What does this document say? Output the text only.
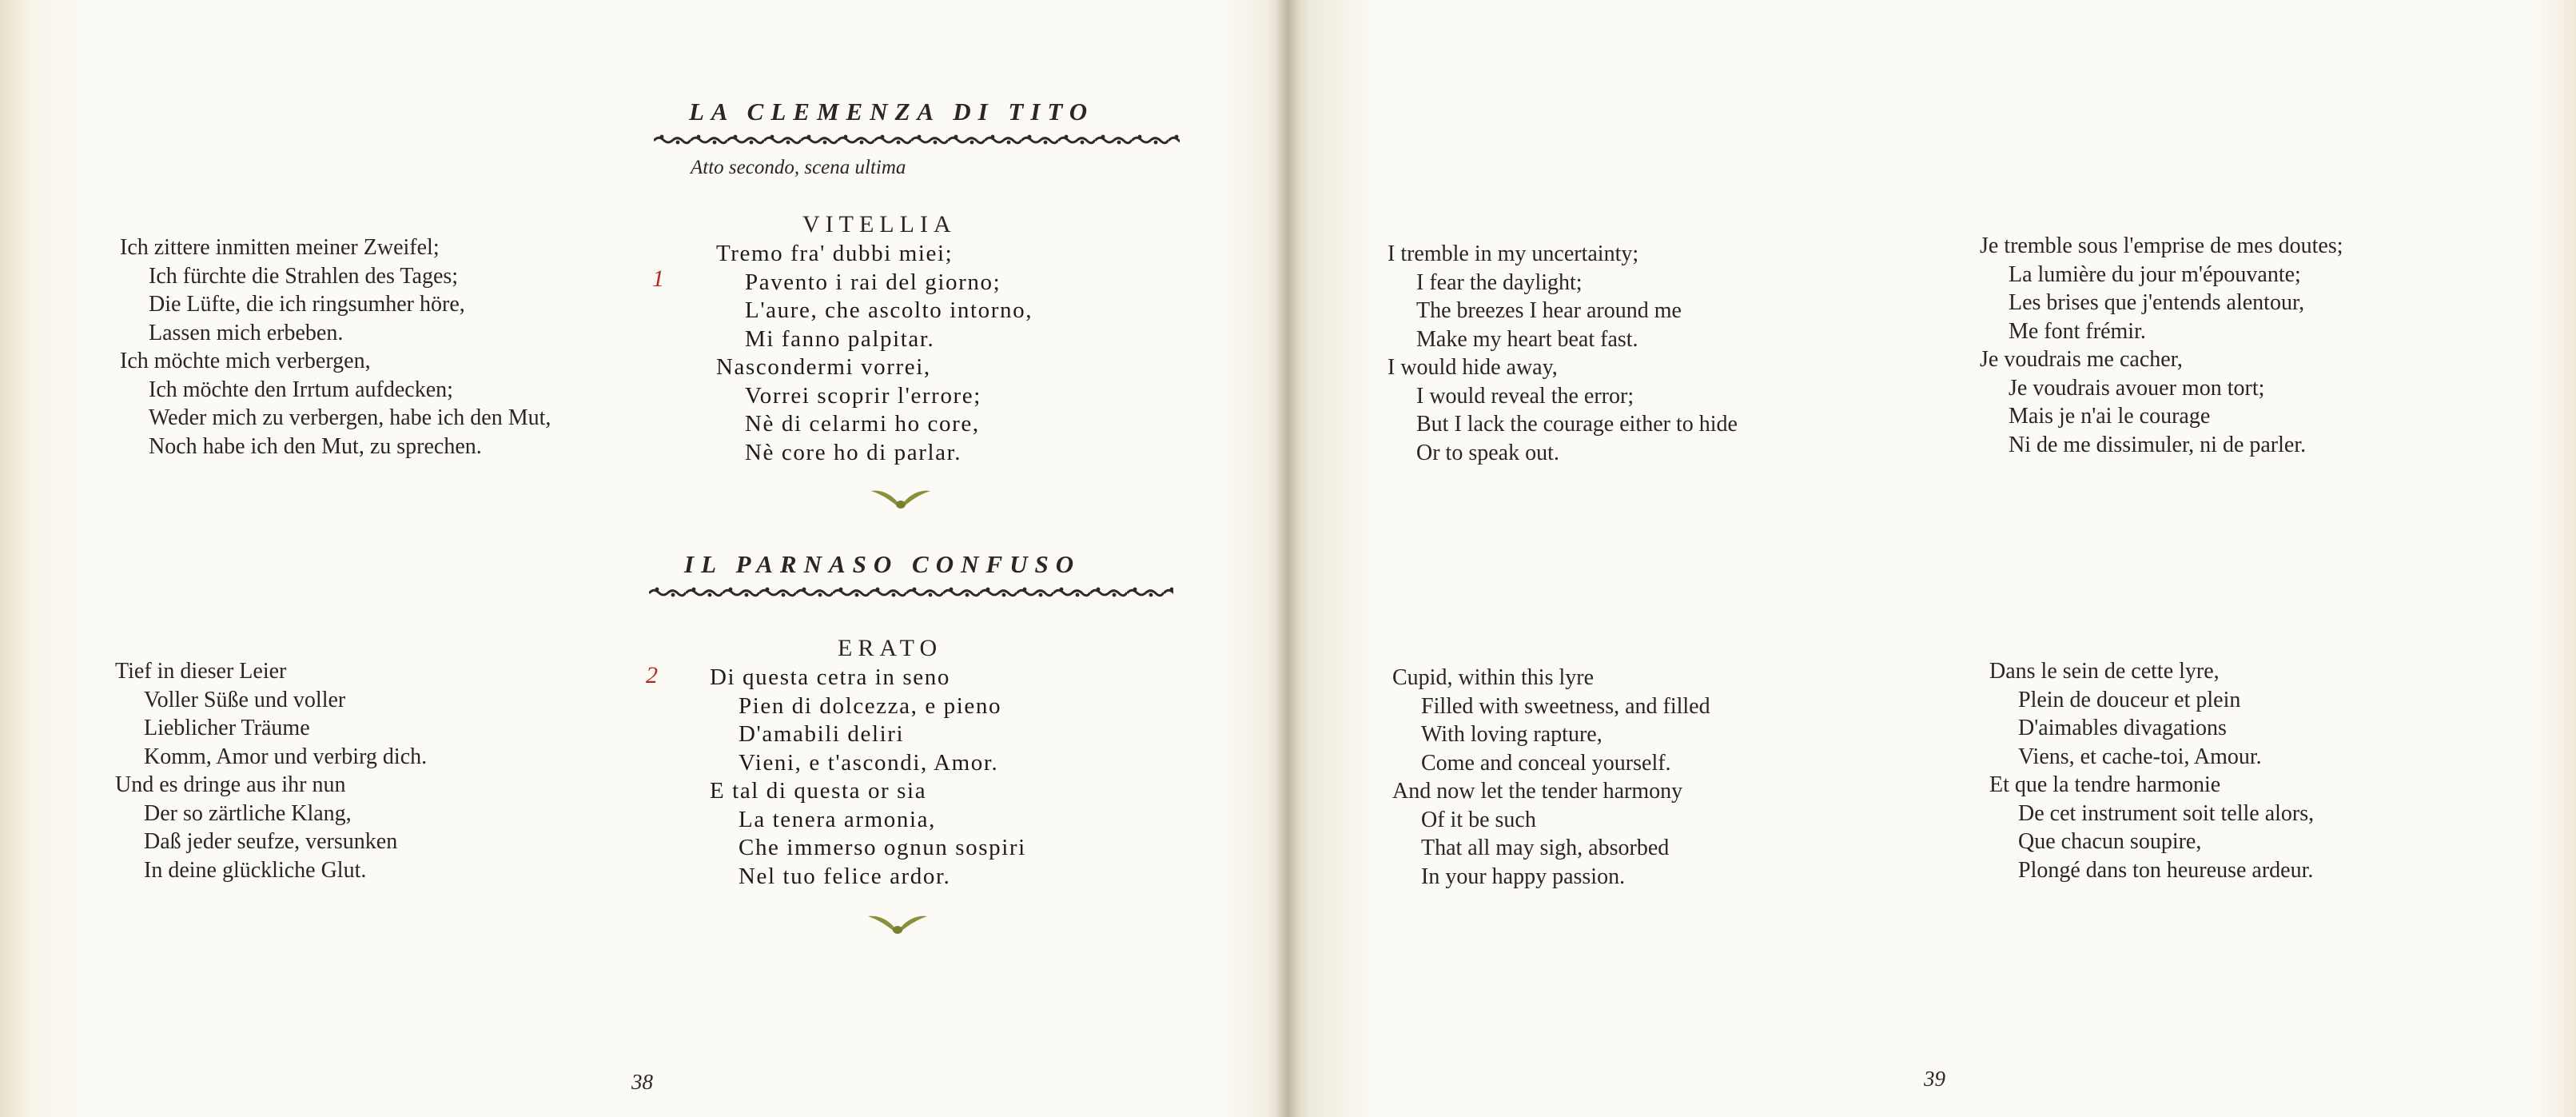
LA CLEMENZA DI TITO
Atto secondo, scena ultima
VITELLIA
1
Ich zittere inmitten meiner Zweifel;
Ich fürchte die Strahlen des Tages;
Die Lüfte, die ich ringsumher höre,
Lassen mich erbeben.
Ich möchte mich verbergen,
Ich möchte den Irrtum aufdecken;
Weder mich zu verbergen, habe ich den Mut,
Noch habe ich den Mut, zu sprechen.
Tremo fra' dubbi miei;
Pavento i rai del giorno;
L'aure, che ascolto intorno,
Mi fanno palpitar.
Nascondermi vorrei,
Vorrei scoprir l'errore;
Nè di celarmi ho core,
Nè core ho di parlar.
IL PARNASO CONFUSO
ERATO
2
Tief in dieser Leier
Voller Süße und voller
Lieblicher Träume
Komm, Amor und verbirg dich.
Und es dringe aus ihr nun
Der so zärtliche Klang,
Daß jeder seufze, versunken
In deine glückliche Glut.
Di questa cetra in seno
Pien di dolcezza, e pieno
D'amabili deliri
Vieni, e t'ascondi, Amor.
E tal di questa or sia
La tenera armonia,
Che immerso ognun sospiri
Nel tuo felice ardor.
38
I tremble in my uncertainty;
I fear the daylight;
The breezes I hear around me
Make my heart beat fast.
I would hide away,
I would reveal the error;
But I lack the courage either to hide
Or to speak out.
Je tremble sous l'emprise de mes doutes;
La lumière du jour m'épouvante;
Les brises que j'entends alentour,
Me font frémir.
Je voudrais me cacher,
Je voudrais avouer mon tort;
Mais je n'ai le courage
Ni de me dissimuler, ni de parler.
Cupid, within this lyre
Filled with sweetness, and filled
With loving rapture,
Come and conceal yourself.
And now let the tender harmony
Of it be such
That all may sigh, absorbed
In your happy passion.
Dans le sein de cette lyre,
Plein de douceur et plein
D'aimables divagations
Viens, et cache-toi, Amour.
Et que la tendre harmonie
De cet instrument soit telle alors,
Que chacun soupire,
Plongé dans ton heureuse ardeur.
39
